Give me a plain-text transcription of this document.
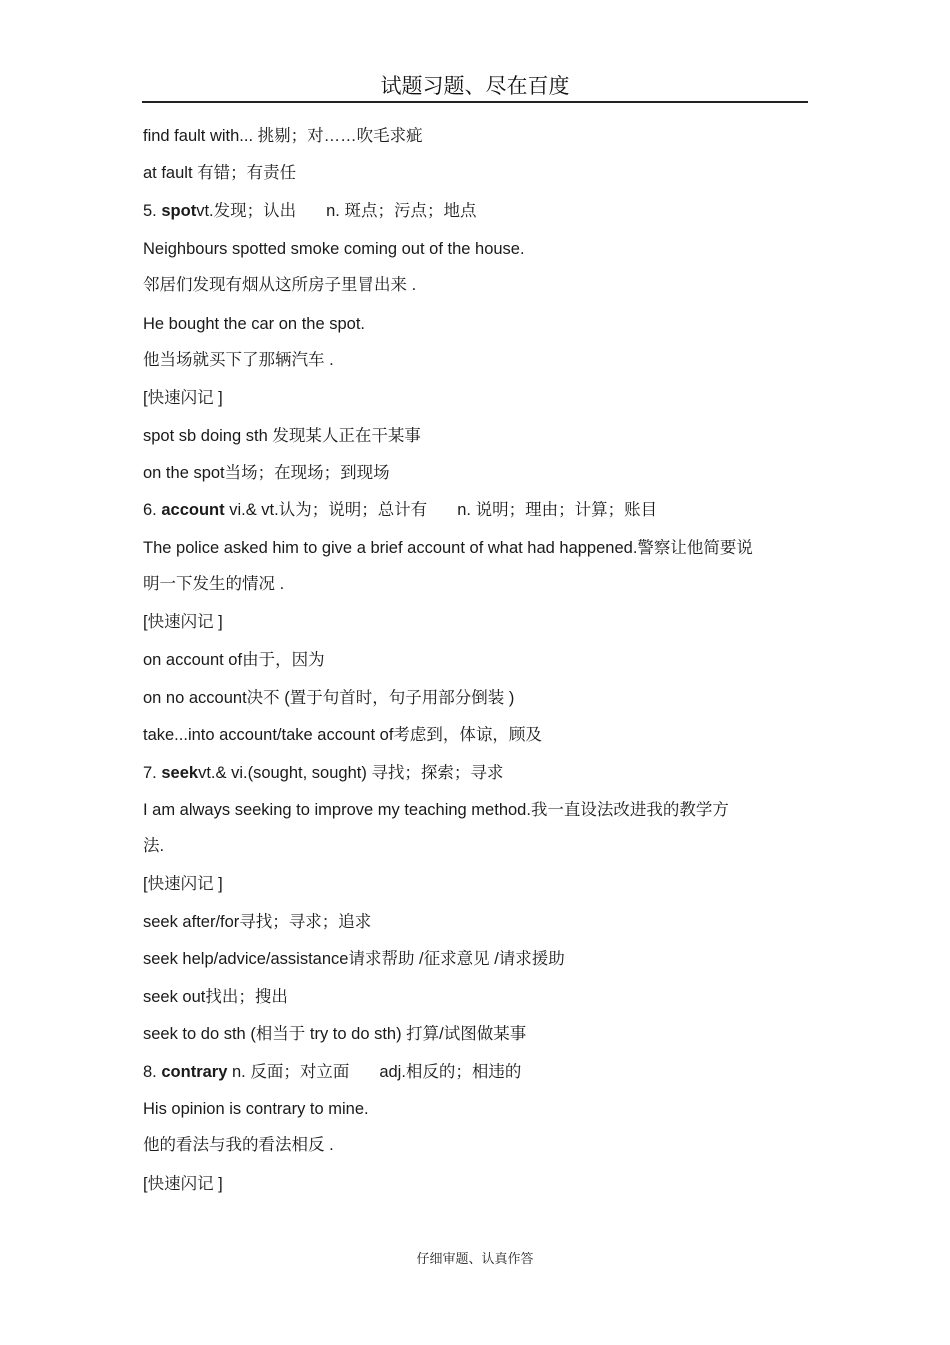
试题习题、尽在百度
find fault with... 挑剔；对……吹毛求疵
at fault 有错；有责任
5. spotvt.发现；认出 n. 斑点；污点；地点
Neighbours spotted smoke coming out of the house.
邻居们发现有烟从这所房子里冒出来 .
He bought the car on the spot.
他当场就买下了那辆汽车 .
[快速闪记 ]
spot sb doing sth 发现某人正在干某事
on the spot当场；在现场；到现场
6. account vi.& vt.认为；说明；总计有 n. 说明；理由；计算；账目
The police asked him to give a brief account of what had happened.警察让他简要说
明一下发生的情况 .
[快速闪记 ]
on account of由于，因为
on no account决不 (置于句首时，句子用部分倒装 )
take...into account/take account of考虑到，体谅，顾及
7. seekvt.& vi.(sought, sought) 寻找；探索；寻求
I am always seeking to improve my teaching method.我一直设法改进我的教学方
法.
[快速闪记 ]
seek after/for寻找；寻求；追求
seek help/advice/assistance请求帮助 /征求意见 /请求援助
seek out找出；搜出
seek to do sth (相当于 try to do sth) 打算/试图做某事
8. contrary n. 反面；对立面 adj.相反的；相违的
His opinion is contrary to mine.
他的看法与我的看法相反 .
[快速闪记 ]
仔细审题、认真作答
